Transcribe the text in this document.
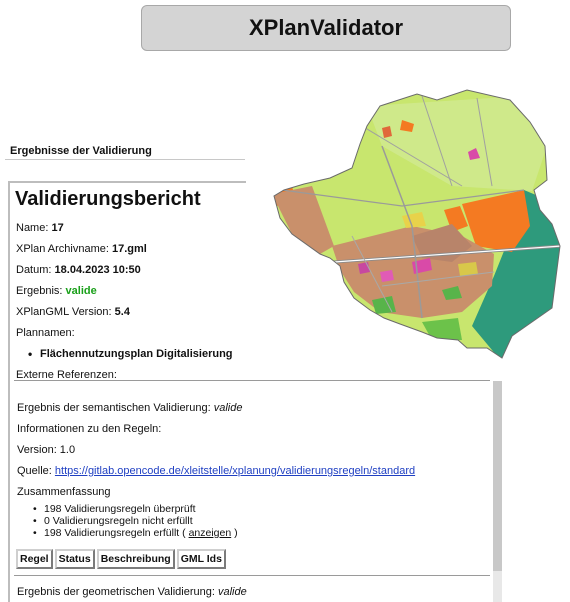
XPlanValidator
Ergebnisse der Validierung
Validierungsbericht
Name: 17
XPlan Archivname: 17.gml
Datum: 18.04.2023 10:50
Ergebnis: valide
XPlanGML Version: 5.4
Plannamen:
• Flächennutzungsplan Digitalisierung
Externe Referenzen:
Ergebnis der semantischen Validierung: valide
Informationen zu den Regeln:
Version: 1.0
Quelle: https://gitlab.opencode.de/xleitstelle/xplanung/validierungsregeln/standard
Zusammenfassung
• 198 Validierungsregeln überprüft
• 0 Validierungsregeln nicht erfüllt
• 198 Validierungsregeln erfüllt ( anzeigen )
Regel Status Beschreibung GML Ids
Ergebnis der geometrischen Validierung: valide
